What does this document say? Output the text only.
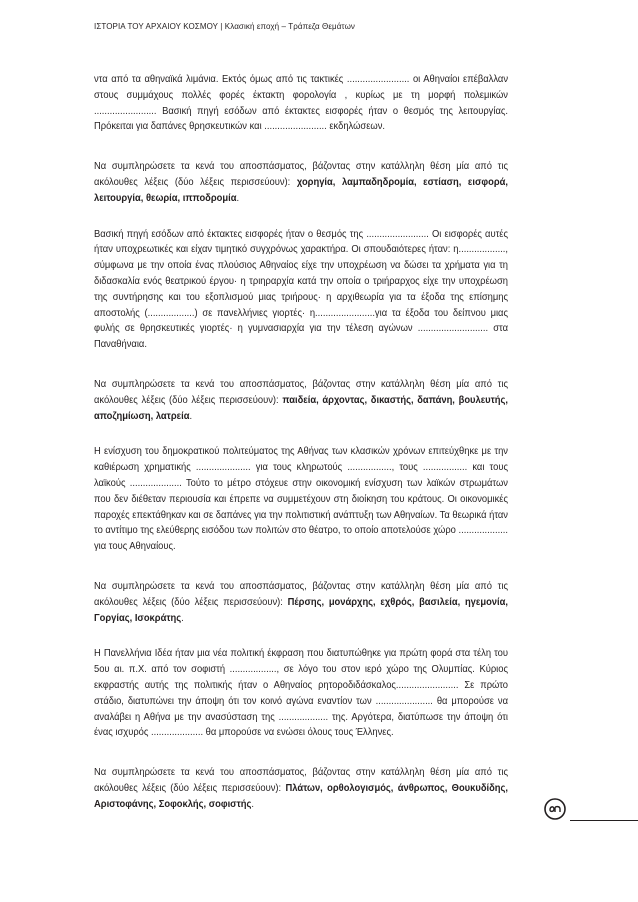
ΙΣΤΟΡΙΑ ΤΟΥ ΑΡΧΑΙΟΥ ΚΟΣΜΟΥ | Κλασική εποχή – Τράπεζα Θεμάτων

ντα από τα αθηναϊκά λιμάνια. Εκτός όμως από τις τακτικές ........................ οι Αθηναίοι επέβαλλαν στους συμμάχους πολλές φορές έκτακτη φορολογία , κυρίως με τη μορφή πολεμικών ........................ Βασική πηγή εσόδων από έκτακτες εισφορές ήταν ο θεσμός της λειτουργίας. Πρόκειται για δαπάνες θρησκευτικών και ........................ εκδηλώσεων.

Να συμπληρώσετε τα κενά του αποσπάσματος, βάζοντας στην κατάλληλη θέση μία από τις ακόλουθες λέξεις (δύο λέξεις περισσεύουν): χορηγία, λαμπαδηδρομία, εστίαση, εισφορά, λειτουργία, θεωρία, ιπποδρομία.

Βασική πηγή εσόδων από έκτακτες εισφορές ήταν ο θεσμός της ........................ Οι εισφορές αυτές ήταν υποχρεωτικές και είχαν τιμητικό συγχρόνως χαρακτήρα. Οι σπουδαιότερες ήταν: η.................., σύμφωνα με την οποία ένας πλούσιος Αθηναίος είχε την υποχρέωση να δώσει τα χρήματα για τη διδασκαλία ενός θεατρικού έργου· η τριηραρχία κατά την οποία ο τριήραρχος είχε την υποχρέωση της συντήρησης και του εξοπλισμού μιας τριήρους· η αρχιθεωρία για τα έξοδα της επίσημης αποστολής (..................) σε πανελλήνιες γιορτές· η.......................για τα έξοδα του δείπνου μιας φυλής σε θρησκευτικές γιορτές· η γυμνασιαρχία για την τέλεση αγώνων ........................... στα Παναθήναια.

Να συμπληρώσετε τα κενά του αποσπάσματος, βάζοντας στην κατάλληλη θέση μία από τις ακόλουθες λέξεις (δύο λέξεις περισσεύουν): παιδεία, άρχοντας, δικαστής, δαπάνη, βουλευτής, αποζημίωση, λατρεία.

Η ενίσχυση του δημοκρατικού πολιτεύματος της Αθήνας των κλασικών χρόνων επιτεύχθηκε με την καθιέρωση χρηματικής ..................... για τους κληρωτούς ................., τους ................. και τους λαϊκούς .................... Τούτο το μέτρο στόχευε στην οικονομική ενίσχυση των λαϊκών στρωμάτων που δεν διέθεταν περιουσία και έπρεπε να συμμετέχουν στη διοίκηση του κράτους. Οι οικονομικές παροχές επεκτάθηκαν και σε δαπάνες για την πολιτιστική ανάπτυξη των Αθηναίων. Τα θεωρικά ήταν το αντίτιμο της ελεύθερης εισόδου των πολιτών στο θέατρο, το οποίο αποτελούσε χώρο ................... για τους Αθηναίους.

Να συμπληρώσετε τα κενά του αποσπάσματος, βάζοντας στην κατάλληλη θέση μία από τις ακόλουθες λέξεις (δύο λέξεις περισσεύουν): Πέρσης, μονάρχης, εχθρός, βασιλεία, ηγεμονία, Γοργίας, Ισοκράτης.

Η Πανελλήνια Ιδέα ήταν μια νέα πολιτική έκφραση που διατυπώθηκε για πρώτη φορά στα τέλη του 5ου αι. π.Χ. από τον σοφιστή .................., σε λόγο του στον ιερό χώρο της Ολυμπίας. Κύριος εκφραστής αυτής της πολιτικής ήταν ο Αθηναίος ρητοροδιδάσκαλος........................ Σε πρώτο στάδιο, διατυπώνει την άποψη ότι τον κοινό αγώνα εναντίον των ...................... θα μπορούσε να αναλάβει η Αθήνα με την ανασύσταση της ................... της. Αργότερα, διατύπωσε την άποψη ότι ένας ισχυρός .................... θα μπορούσε να ενώσει όλους τους Έλληνες.

Να συμπληρώσετε τα κενά του αποσπάσματος, βάζοντας στην κατάλληλη θέση μία από τις ακόλουθες λέξεις (δύο λέξεις περισσεύουν): Πλάτων, ορθολογισμός, άνθρωπος, Θουκυδίδης, Αριστοφάνης, Σοφοκλής, σοφιστής.
